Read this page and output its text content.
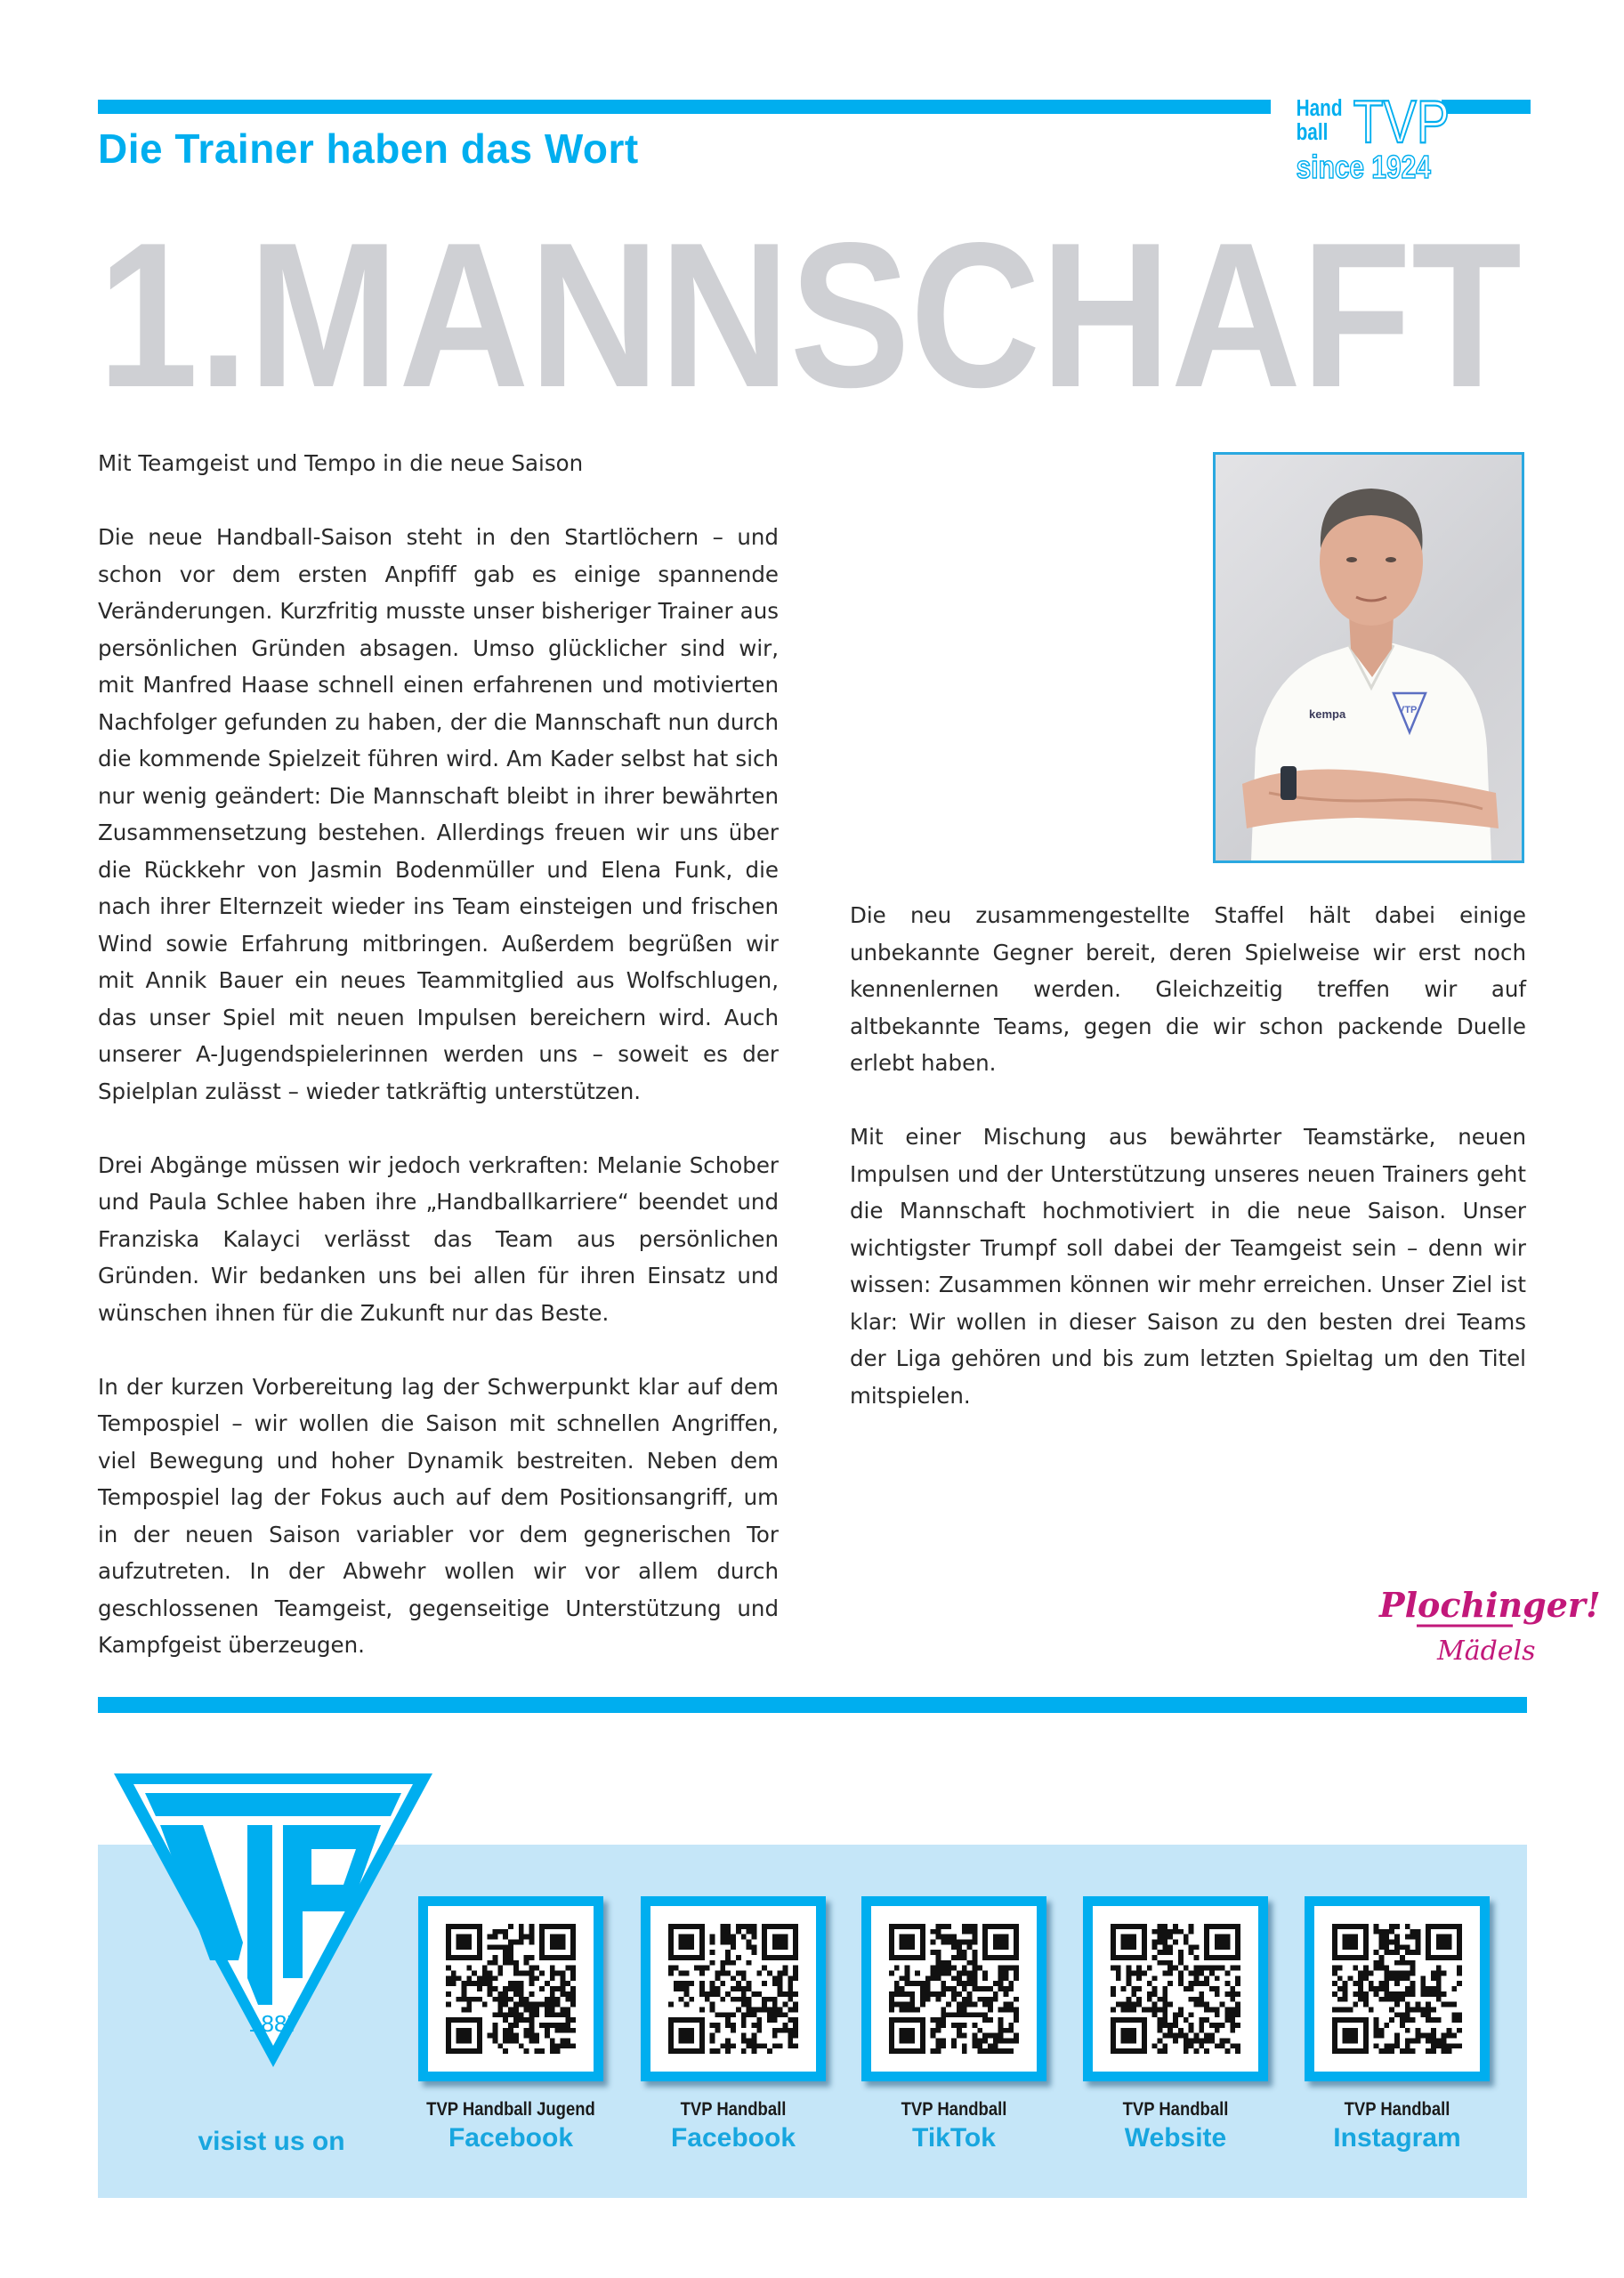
Die Trainer haben das Wort
Hand
ball TVP
since 1924
1.MANNSCHAFT

Mit Teamgeist und Tempo in die neue Saison

Die neue Handball-Saison steht in den Startlöchern – und schon vor dem ersten Anpfiff gab es einige spannende Veränderungen. Kurzfritig musste unser bisheriger Trainer aus persönlichen Gründen absagen. Umso glücklicher sind wir, mit Manfred Haase schnell einen erfahrenen und motivierten Nachfolger gefunden zu haben, der die Mannschaft nun durch die kommende Spielzeit führen wird. Am Kader selbst hat sich nur wenig geändert: Die Mannschaft bleibt in ihrer bewährten Zusammensetzung bestehen. Allerdings freuen wir uns über die Rückkehr von Jasmin Bodenmüller und Elena Funk, die nach ihrer Elternzeit wieder ins Team einsteigen und frischen Wind sowie Erfahrung mitbringen. Außerdem begrüßen wir mit Annik Bauer ein neues Teammitglied aus Wolfschlugen, das unser Spiel mit neuen Impulsen bereichern wird. Auch unserer A-Jugendspielerinnen werden uns – soweit es der Spielplan zulässt – wieder tatkräftig unterstützen.

Drei Abgänge müssen wir jedoch verkraften: Melanie Schober und Paula Schlee haben ihre „Handballkarriere“ beendet und Franziska Kalayci verlässt das Team aus persönlichen Gründen. Wir bedanken uns bei allen für ihren Einsatz und wünschen ihnen für die Zukunft nur das Beste.

In der kurzen Vorbereitung lag der Schwerpunkt klar auf dem Tempospiel – wir wollen die Saison mit schnellen Angriffen, viel Bewegung und hoher Dynamik bestreiten. Neben dem Tempospiel lag der Fokus auch auf dem Positionsangriff, um in der neuen Saison variabler vor dem gegnerischen Tor aufzutreten. In der Abwehr wollen wir vor allem durch geschlossenen Teamgeist, gegenseitige Unterstützung und Kampfgeist überzeugen.

Die neu zusammengestellte Staffel hält dabei einige unbekannte Gegner bereit, deren Spielweise wir erst noch kennenlernen werden. Gleichzeitig treffen wir auf altbekannte Teams, gegen die wir schon packende Duelle erlebt haben.

Mit einer Mischung aus bewährter Teamstärke, neuen Impulsen und der Unterstützung unseres neuen Trainers geht die Mannschaft hochmotiviert in die neue Saison. Unser wichtigster Trumpf soll dabei der Teamgeist sein – denn wir wissen: Zusammen können wir mehr erreichen. Unser Ziel ist klar: Wir wollen in dieser Saison zu den besten drei Teams der Liga gehören und bis zum letzten Spieltag um den Titel mitspielen.

kempa	VTP
Plochinger!
Mädels
1887
visist us on
TVP Handball Jugend
Facebook
TVP Handball
Facebook
TVP Handball
TikTok
TVP Handball
Website
TVP Handball
Instagram
